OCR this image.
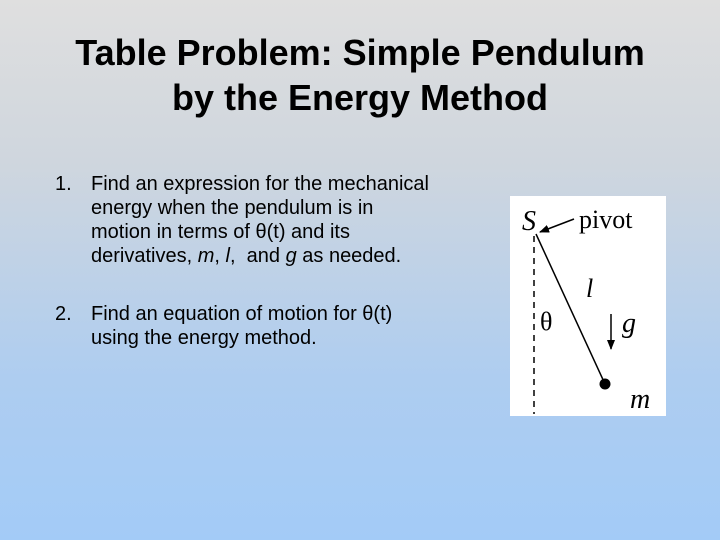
Table Problem: Simple Pendulum
by the Energy Method
1. Find an expression for the mechanical
energy when the pendulum is in
motion in terms of θ(t) and its
derivatives, m, l,  and g as needed.
2. Find an equation of motion for θ(t)
using the energy method.
S pivot
l
θ g
m
